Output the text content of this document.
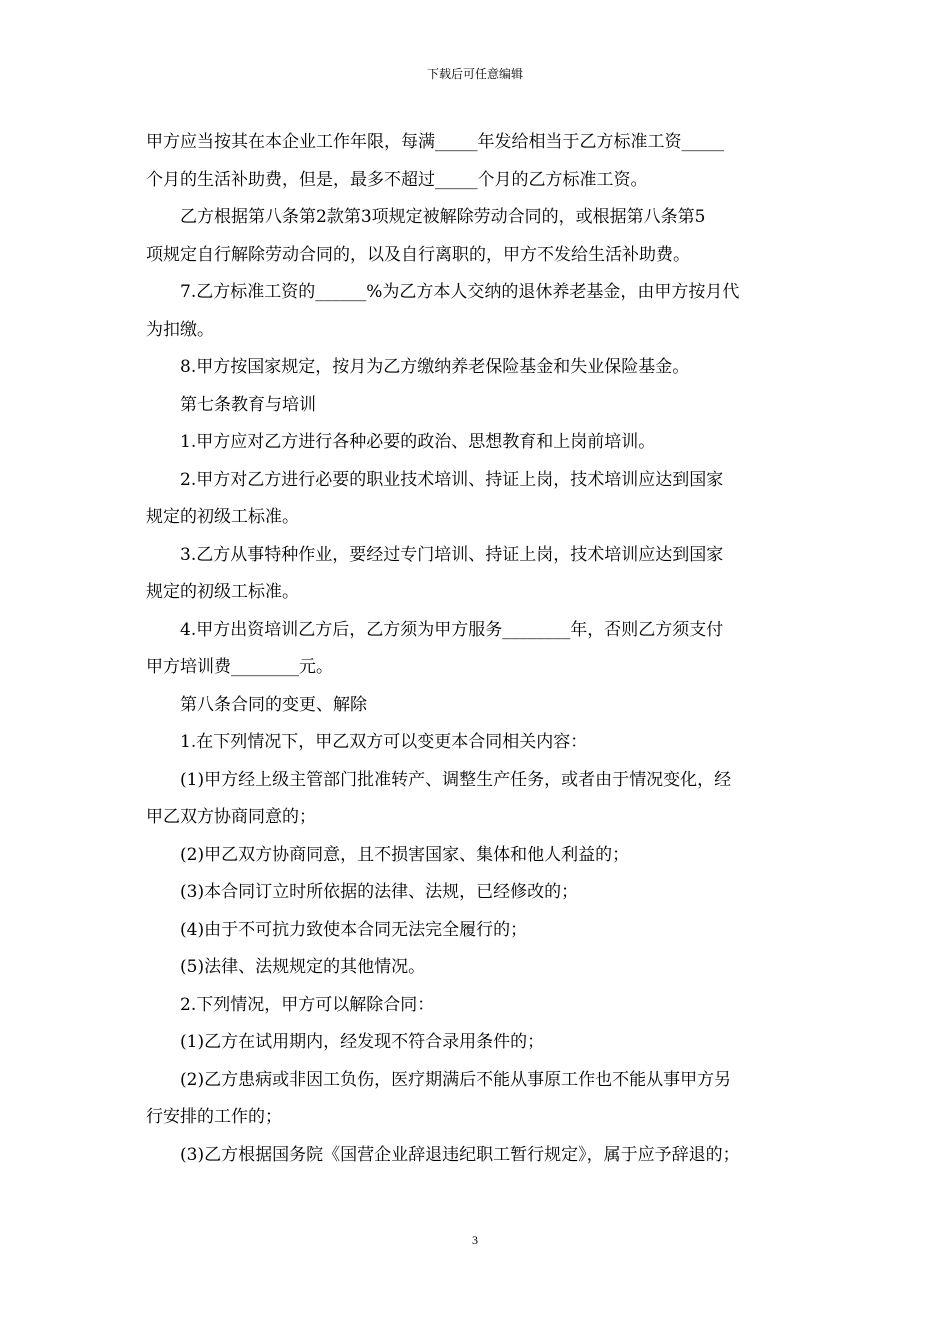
下载后可任意编辑
甲方应当按其在本企业工作年限，每满_____年发给相当于乙方标准工资_____
个月的生活补助费，但是，最多不超过_____个月的乙方标准工资。
乙方根据第八条第2款第3项规定被解除劳动合同的，或根据第八条第5
项规定自行解除劳动合同的，以及自行离职的，甲方不发给生活补助费。
7.乙方标准工资的______%为乙方本人交纳的退休养老基金，由甲方按月代
为扣缴。
8.甲方按国家规定，按月为乙方缴纳养老保险基金和失业保险基金。
第七条教育与培训
1.甲方应对乙方进行各种必要的政治、思想教育和上岗前培训。
2.甲方对乙方进行必要的职业技术培训、持证上岗，技术培训应达到国家
规定的初级工标准。
3.乙方从事特种作业，要经过专门培训、持证上岗，技术培训应达到国家
规定的初级工标准。
4.甲方出资培训乙方后，乙方须为甲方服务________年，否则乙方须支付
甲方培训费________元。
第八条合同的变更、解除
1.在下列情况下，甲乙双方可以变更本合同相关内容：
(1)甲方经上级主管部门批准转产、调整生产任务，或者由于情况变化，经
甲乙双方协商同意的；
(2)甲乙双方协商同意，且不损害国家、集体和他人利益的；
(3)本合同订立时所依据的法律、法规，已经修改的；
(4)由于不可抗力致使本合同无法完全履行的；
(5)法律、法规规定的其他情况。
2.下列情况，甲方可以解除合同：
(1)乙方在试用期内，经发现不符合录用条件的；
(2)乙方患病或非因工负伤，医疗期满后不能从事原工作也不能从事甲方另
行安排的工作的；
(3)乙方根据国务院《国营企业辞退违纪职工暂行规定》，属于应予辞退的；
3
